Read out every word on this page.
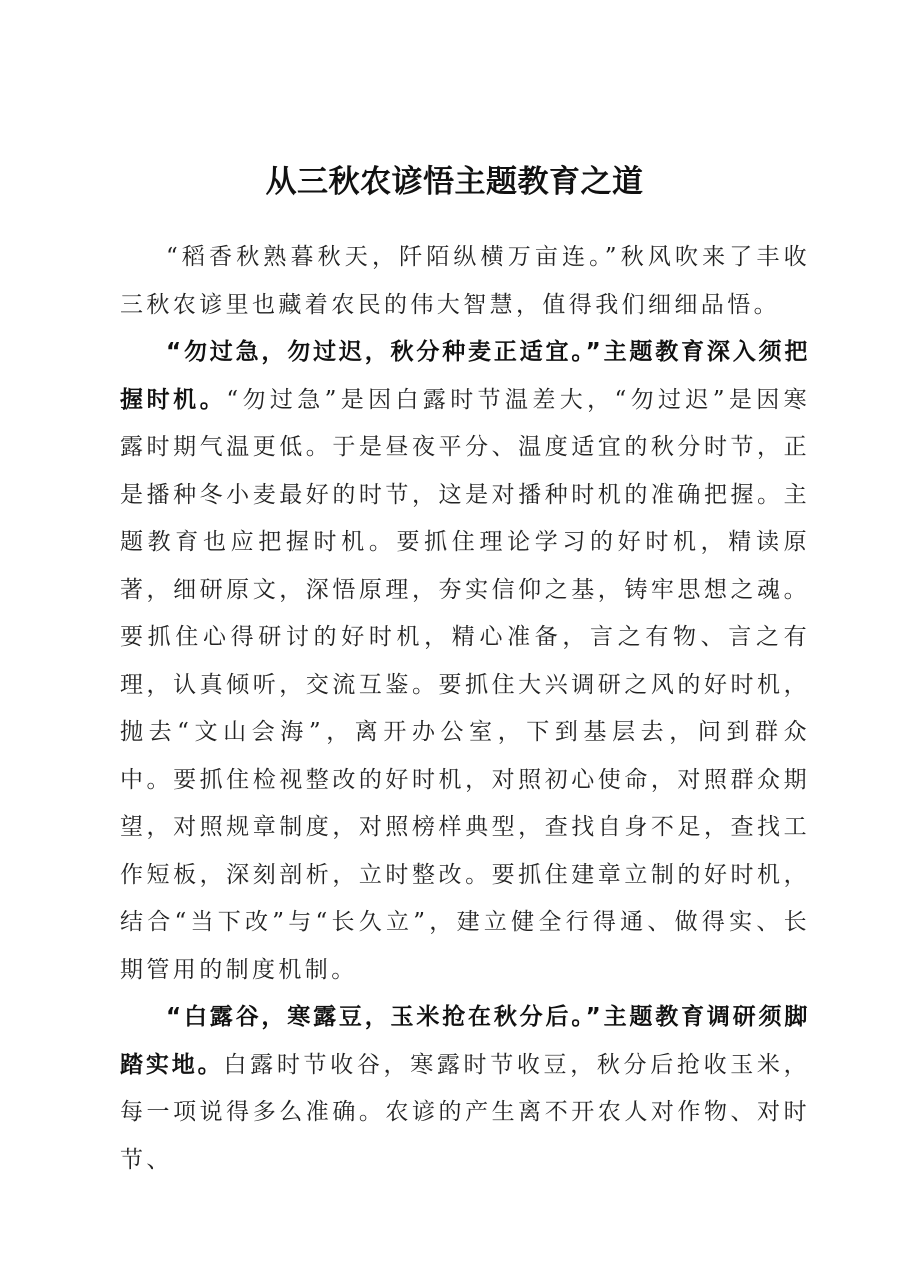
从三秋农谚悟主题教育之道

“稻香秋熟暮秋天，阡陌纵横万亩连。”秋风吹来了丰收三秋农谚里也藏着农民的伟大智慧，值得我们细细品悟。

“勿过急，勿过迟，秋分种麦正适宜。”主题教育深入须把握时机。“勿过急”是因白露时节温差大，“勿过迟”是因寒露时期气温更低。于是昼夜平分、温度适宜的秋分时节，正是播种冬小麦最好的时节，这是对播种时机的准确把握。主题教育也应把握时机。要抓住理论学习的好时机，精读原著，细研原文，深悟原理，夯实信仰之基，铸牢思想之魂。要抓住心得研讨的好时机，精心准备，言之有物、言之有理，认真倾听，交流互鉴。要抓住大兴调研之风的好时机，抛去“文山会海”，离开办公室，下到基层去，问到群众中。要抓住检视整改的好时机，对照初心使命，对照群众期望，对照规章制度，对照榜样典型，查找自身不足，查找工作短板，深刻剖析，立时整改。要抓住建章立制的好时机，结合“当下改”与“长久立”，建立健全行得通、做得实、长期管用的制度机制。

“白露谷，寒露豆，玉米抢在秋分后。”主题教育调研须脚踏实地。白露时节收谷，寒露时节收豆，秋分后抢收玉米，每一项说得多么准确。农谚的产生离不开农人对作物、对时节、
